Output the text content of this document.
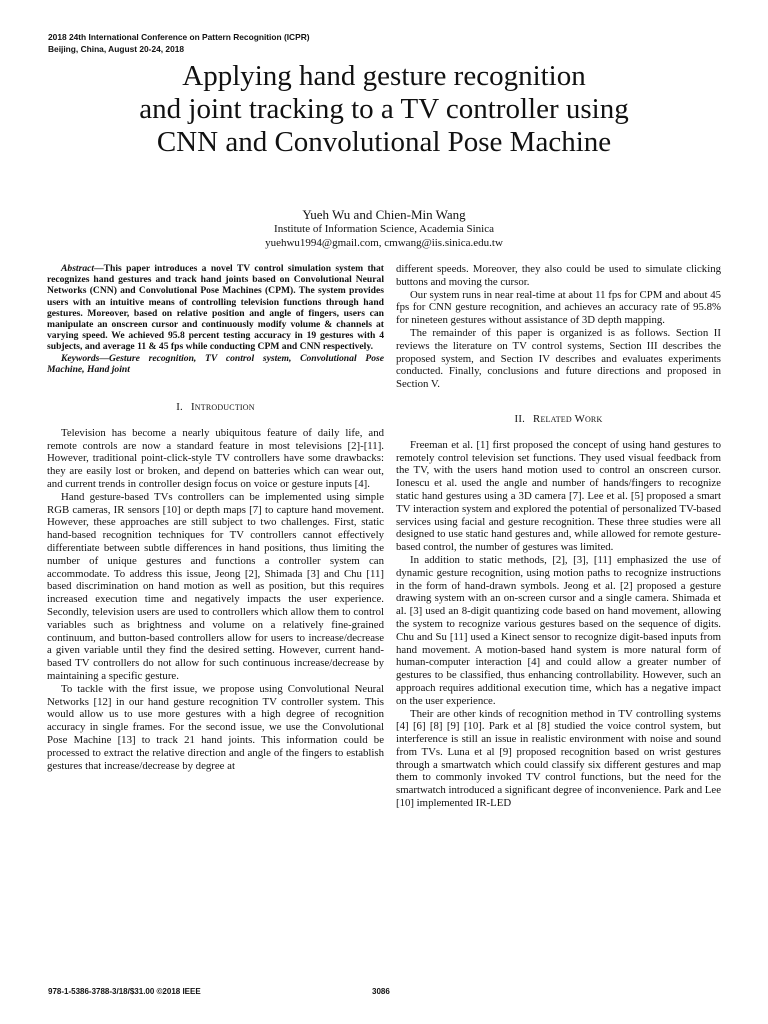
2018 24th International Conference on Pattern Recognition (ICPR)
Beijing, China, August 20-24, 2018
Applying hand gesture recognition
and joint tracking to a TV controller using
CNN and Convolutional Pose Machine
Yueh Wu and Chien-Min Wang
Institute of Information Science, Academia Sinica
yuehwu1994@gmail.com, cmwang@iis.sinica.edu.tw

Abstract—This paper introduces a novel TV control simulation system that recognizes hand gestures and track hand joints based on Convolutional Neural Networks (CNN) and Convolutional Pose Machines (CPM). The system provides users with an intuitive means of controlling television functions through hand gestures. Moreover, based on relative position and angle of fingers, users can manipulate an onscreen cursor and continuously modify volume & channels at varying speed. We achieved 95.8 percent testing accuracy in 19 gestures with 4 subjects, and average 11 & 45 fps while conducting CPM and CNN respectively.

Keywords—Gesture recognition, TV control system, Convolutional Pose Machine, Hand joint

I. Introduction

Television has become a nearly ubiquitous feature of daily life, and remote controls are now a standard feature in most televisions [2]-[11]. However, traditional point-click-style TV controllers have some drawbacks: they are easily lost or broken, and depend on batteries which can wear out, and current trends in controller design focus on voice or gesture inputs [4].

Hand gesture-based TVs controllers can be implemented using simple RGB cameras, IR sensors [10] or depth maps [7] to capture hand movement. However, these approaches are still subject to two challenges. First, static hand-based recognition techniques for TV controllers cannot effectively differentiate between subtle differences in hand positions, thus limiting the number of unique gestures and functions a controller system can accommodate. To address this issue, Jeong [2], Shimada [3] and Chu [11] based discrimination on hand motion as well as position, but this requires increased execution time and negatively impacts the user experience. Secondly, television users are used to controllers which allow them to control variables such as brightness and volume on a relatively fine-grained continuum, and button-based controllers allow for users to increase/decrease a given variable until they find the desired setting. However, current hand-based TV controllers do not allow for such continuous increase/decrease by maintaining a specific gesture.

To tackle with the first issue, we propose using Convolutional Neural Networks [12] in our hand gesture recognition TV controller system. This would allow us to use more gestures with a high degree of recognition accuracy in single frames. For the second issue, we use the Convolutional Pose Machine [13] to track 21 hand joints. This information could be processed to extract the relative direction and angle of the fingers to establish gestures that increase/decrease by degree at

different speeds. Moreover, they also could be used to simulate clicking buttons and moving the cursor.

Our system runs in near real-time at about 11 fps for CPM and about 45 fps for CNN gesture recognition, and achieves an accuracy rate of 95.8% for nineteen gestures without assistance of 3D depth mapping.

The remainder of this paper is organized is as follows. Section II reviews the literature on TV control systems, Section III describes the proposed system, and Section IV describes and evaluates experiments conducted. Finally, conclusions and future directions and proposed in Section V.

II. Related Work

Freeman et al. [1] first proposed the concept of using hand gestures to remotely control television set functions. They used visual feedback from the TV, with the users hand motion used to control an onscreen cursor. Ionescu et al. used the angle and number of hands/fingers to recognize static hand gestures using a 3D camera [7]. Lee et al. [5] proposed a smart TV interaction system and explored the potential of personalized TV-based services using facial and gesture recognition. These three studies were all designed to use static hand gestures and, while allowed for remote gesture-based control, the number of gestures was limited.

In addition to static methods, [2], [3], [11] emphasized the use of dynamic gesture recognition, using motion paths to recognize instructions in the form of hand-drawn symbols. Jeong et al. [2] proposed a gesture drawing system with an on-screen cursor and a single camera. Shimada et al. [3] used an 8-digit quantizing code based on hand movement, allowing the system to recognize various gestures based on the sequence of digits. Chu and Su [11] used a Kinect sensor to recognize digit-based inputs from hand movement. A motion-based hand system is more natural form of human-computer interaction [4] and could allow a greater number of gestures to be classified, thus enhancing controllability. However, such an approach requires additional execution time, which has a negative impact on the user experience.

Their are other kinds of recognition method in TV controlling systems [4] [6] [8] [9] [10]. Park et al [8] studied the voice control system, but interference is still an issue in realistic environment with noise and sound from TVs. Luna et al [9] proposed recognition based on wrist gestures through a smartwatch which could classify six different gestures and map them to commonly invoked TV control functions, but the need for the smartwatch introduced a significant degree of inconvenience. Park and Lee [10] implemented IR-LED

978-1-5386-3788-3/18/$31.00 ©2018 IEEE	3086
